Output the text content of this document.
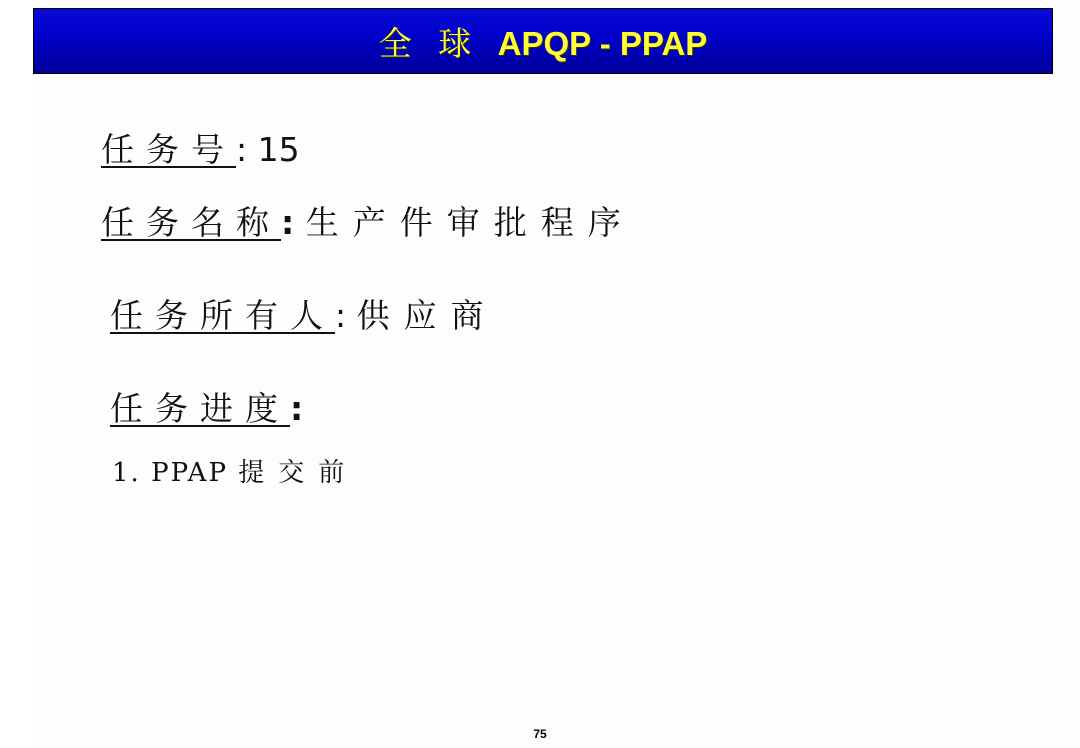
全 球 APQP - PPAP
任务号: 15
任务名称: 生产件审批程序
任务所有人: 供应商
任务进度:
1. PPAP 提交前
75
